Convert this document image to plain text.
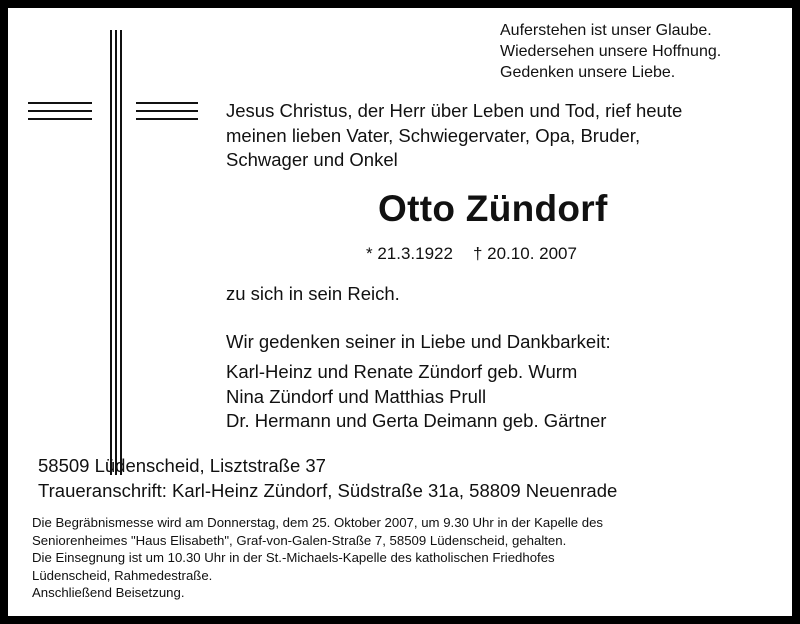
Auferstehen ist unser Glaube.
Wiedersehen unsere Hoffnung.
Gedenken unsere Liebe.
Jesus Christus, der Herr über Leben und Tod, rief heute
meinen lieben Vater, Schwiegervater, Opa, Bruder,
Schwager und Onkel
Otto Zündorf
* 21.3.1922 † 20.10. 2007
zu sich in sein Reich.
Wir gedenken seiner in Liebe und Dankbarkeit:
Karl-Heinz und Renate Zündorf geb. Wurm
Nina Zündorf und Matthias Prull
Dr. Hermann und Gerta Deimann geb. Gärtner
58509 Lüdenscheid, Lisztstraße 37
Traueranschrift: Karl-Heinz Zündorf, Südstraße 31a, 58809 Neuenrade
Die Begräbnismesse wird am Donnerstag, dem 25. Oktober 2007, um 9.30 Uhr in der Kapelle des
Seniorenheimes "Haus Elisabeth", Graf-von-Galen-Straße 7, 58509 Lüdenscheid, gehalten.
Die Einsegnung ist um 10.30 Uhr in der St.-Michaels-Kapelle des katholischen Friedhofes
Lüdenscheid, Rahmedestraße.
Anschließend Beisetzung.
